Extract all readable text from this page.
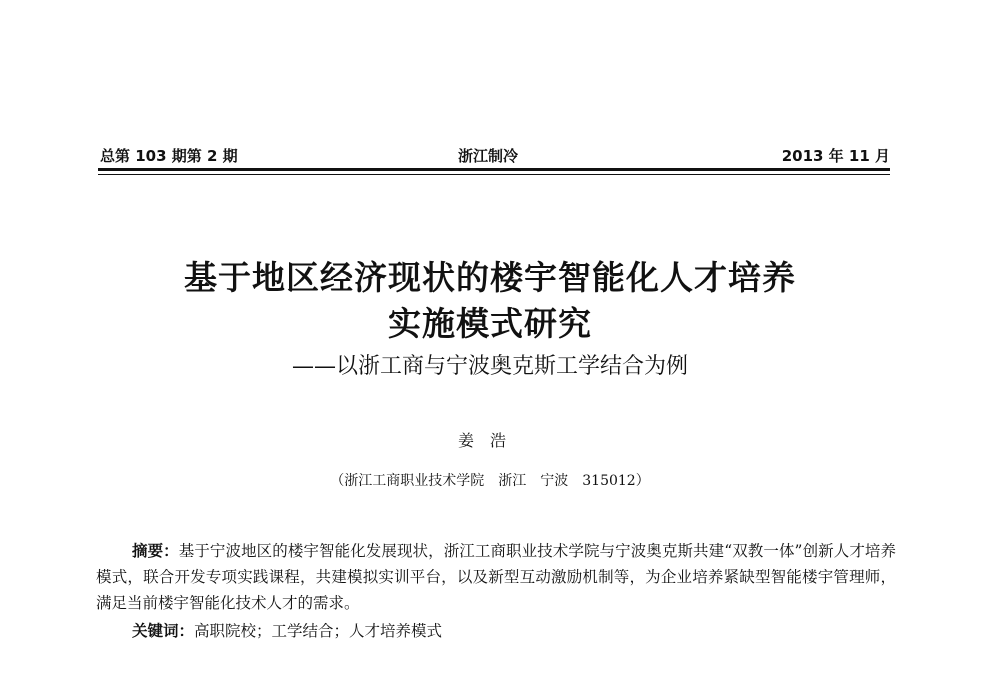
总第 103 期第 2 期	浙江制冷	2013 年 11 月
基于地区经济现状的楼宇智能化人才培养
实施模式研究
——以浙工商与宁波奥克斯工学结合为例
姜浩
（浙江工商职业技术学院　浙江　宁波　315012）
摘要：基于宁波地区的楼宇智能化发展现状，浙江工商职业技术学院与宁波奥克斯共建“双教一体”创新人才培养模式，联合开发专项实践课程，共建模拟实训平台，以及新型互动激励机制等，为企业培养紧缺型智能楼宇管理师，满足当前楼宇智能化技术人才的需求。
关键词：高职院校；工学结合；人才培养模式
